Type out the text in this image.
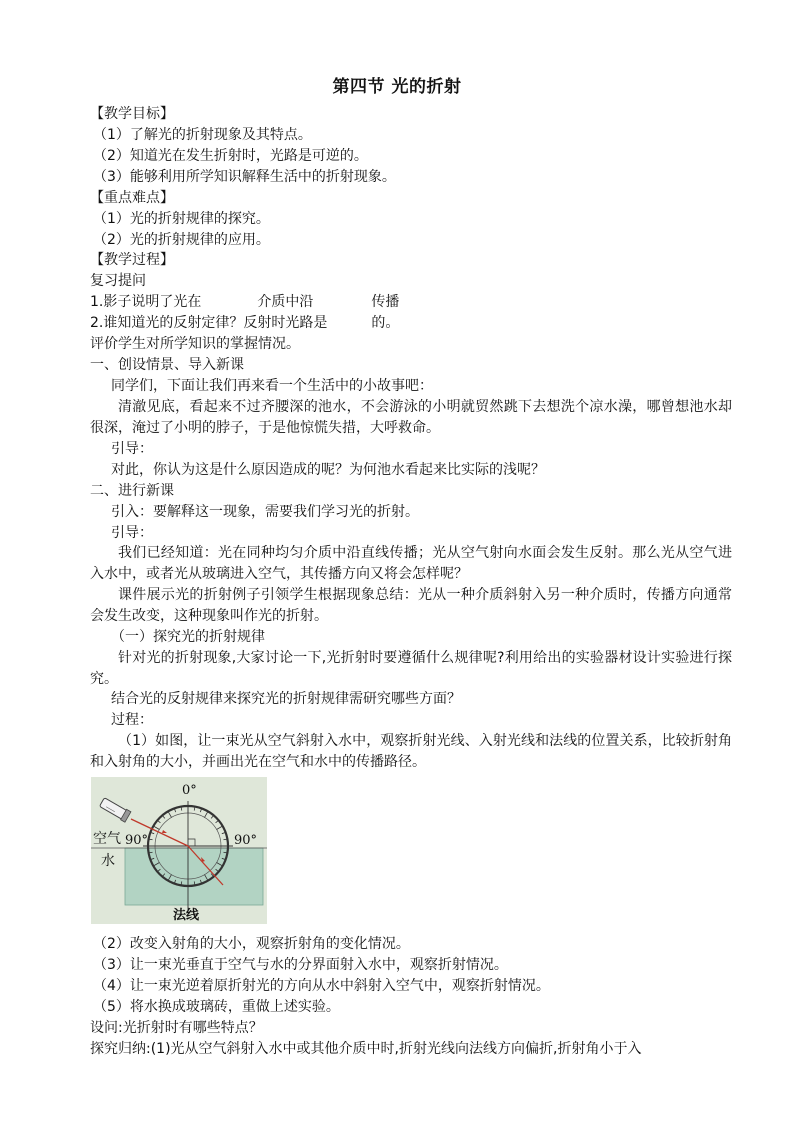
第四节 光的折射
【教学目标】
（1）了解光的折射现象及其特点。
（2）知道光在发生折射时，光路是可逆的。
（3）能够利用所学知识解释生活中的折射现象。
【重点难点】
（1）光的折射规律的探究。
（2）光的折射规律的应用。
【教学过程】
复习提问
1.影子说明了光在	介质中沿	传播
2.谁知道光的反射定律？反射时光路是	的。
评价学生对所学知识的掌握情况。
一、创设情景、导入新课
同学们，下面让我们再来看一个生活中的小故事吧：
清澈见底，看起来不过齐腰深的池水，不会游泳的小明就贸然跳下去想洗个凉水澡，哪曾想池水却很深，淹过了小明的脖子，于是他惊慌失措，大呼救命。
引导：
对此，你认为这是什么原因造成的呢？为何池水看起来比实际的浅呢？
二、进行新课
引入：要解释这一现象，需要我们学习光的折射。
引导：
我们已经知道：光在同种均匀介质中沿直线传播；光从空气射向水面会发生反射。那么光从空气进入水中，或者光从玻璃进入空气，其传播方向又将会怎样呢？
课件展示光的折射例子引领学生根据现象总结：光从一种介质斜射入另一种介质时，传播方向通常会发生改变，这种现象叫作光的折射。
（一）探究光的折射规律
针对光的折射现象,大家讨论一下,光折射时要遵循什么规律呢?利用给出的实验器材设计实验进行探究。
结合光的反射规律来探究光的折射规律需研究哪些方面？
过程：
（1）如图，让一束光从空气斜射入水中，观察折射光线、入射光线和法线的位置关系，比较折射角和入射角的大小，并画出光在空气和水中的传播路径。
0°
90°	90°
空气
水
法线
（2）改变入射角的大小，观察折射角的变化情况。
（3）让一束光垂直于空气与水的分界面射入水中，观察折射情况。
（4）让一束光逆着原折射光的方向从水中斜射入空气中，观察折射情况。
（5）将水换成玻璃砖，重做上述实验。
设问:光折射时有哪些特点？
探究归纳:(1)光从空气斜射入水中或其他介质中时,折射光线向法线方向偏折,折射角小于入
